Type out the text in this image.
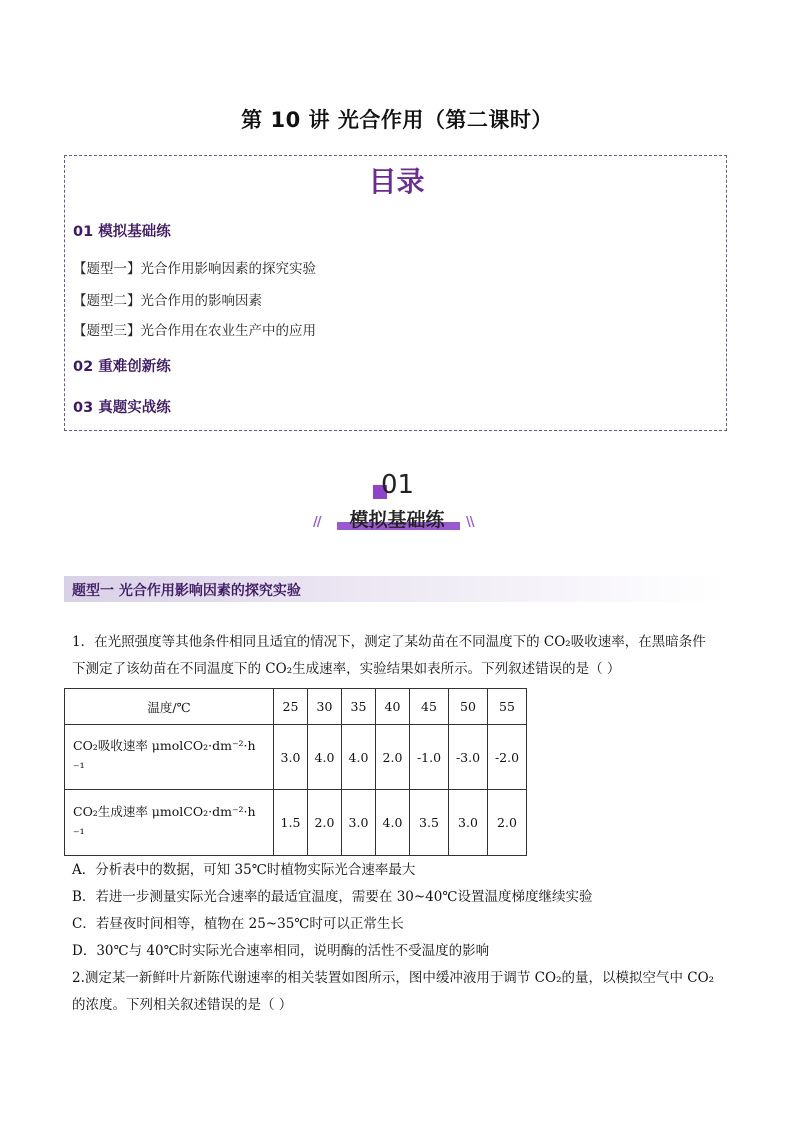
第 10 讲 光合作用（第二课时）
目录
01 模拟基础练
【题型一】光合作用影响因素的探究实验
【题型二】光合作用的影响因素
【题型三】光合作用在农业生产中的应用
02 重难创新练
03 真题实战练
01
模拟基础练
//	\\
题型一 光合作用影响因素的探究实验
1．在光照强度等其他条件相同且适宜的情况下，测定了某幼苗在不同温度下的 CO₂吸收速率，在黑暗条件
下测定了该幼苗在不同温度下的 CO₂生成速率，实验结果如表所示。下列叙述错误的是（ ）
温度/℃	25	30	35	40	45	50	55

CO₂吸收速率 μmolCO₂·dm⁻²·h
⁻¹	3.0	4.0	4.0	2.0	-1.0	-3.0	-2.0

CO₂生成速率 μmolCO₂·dm⁻²·h
⁻¹	1.5	2.0	3.0	4.0	3.5	3.0	2.0
A．分析表中的数据，可知 35℃时植物实际光合速率最大
B．若进一步测量实际光合速率的最适宜温度，需要在 30~40℃设置温度梯度继续实验
C．若昼夜时间相等，植物在 25~35℃时可以正常生长
D．30℃与 40℃时实际光合速率相同，说明酶的活性不受温度的影响
2.测定某一新鲜叶片新陈代谢速率的相关装置如图所示，图中缓冲液用于调节 CO₂的量，以模拟空气中 CO₂
的浓度。下列相关叙述错误的是（ ）
